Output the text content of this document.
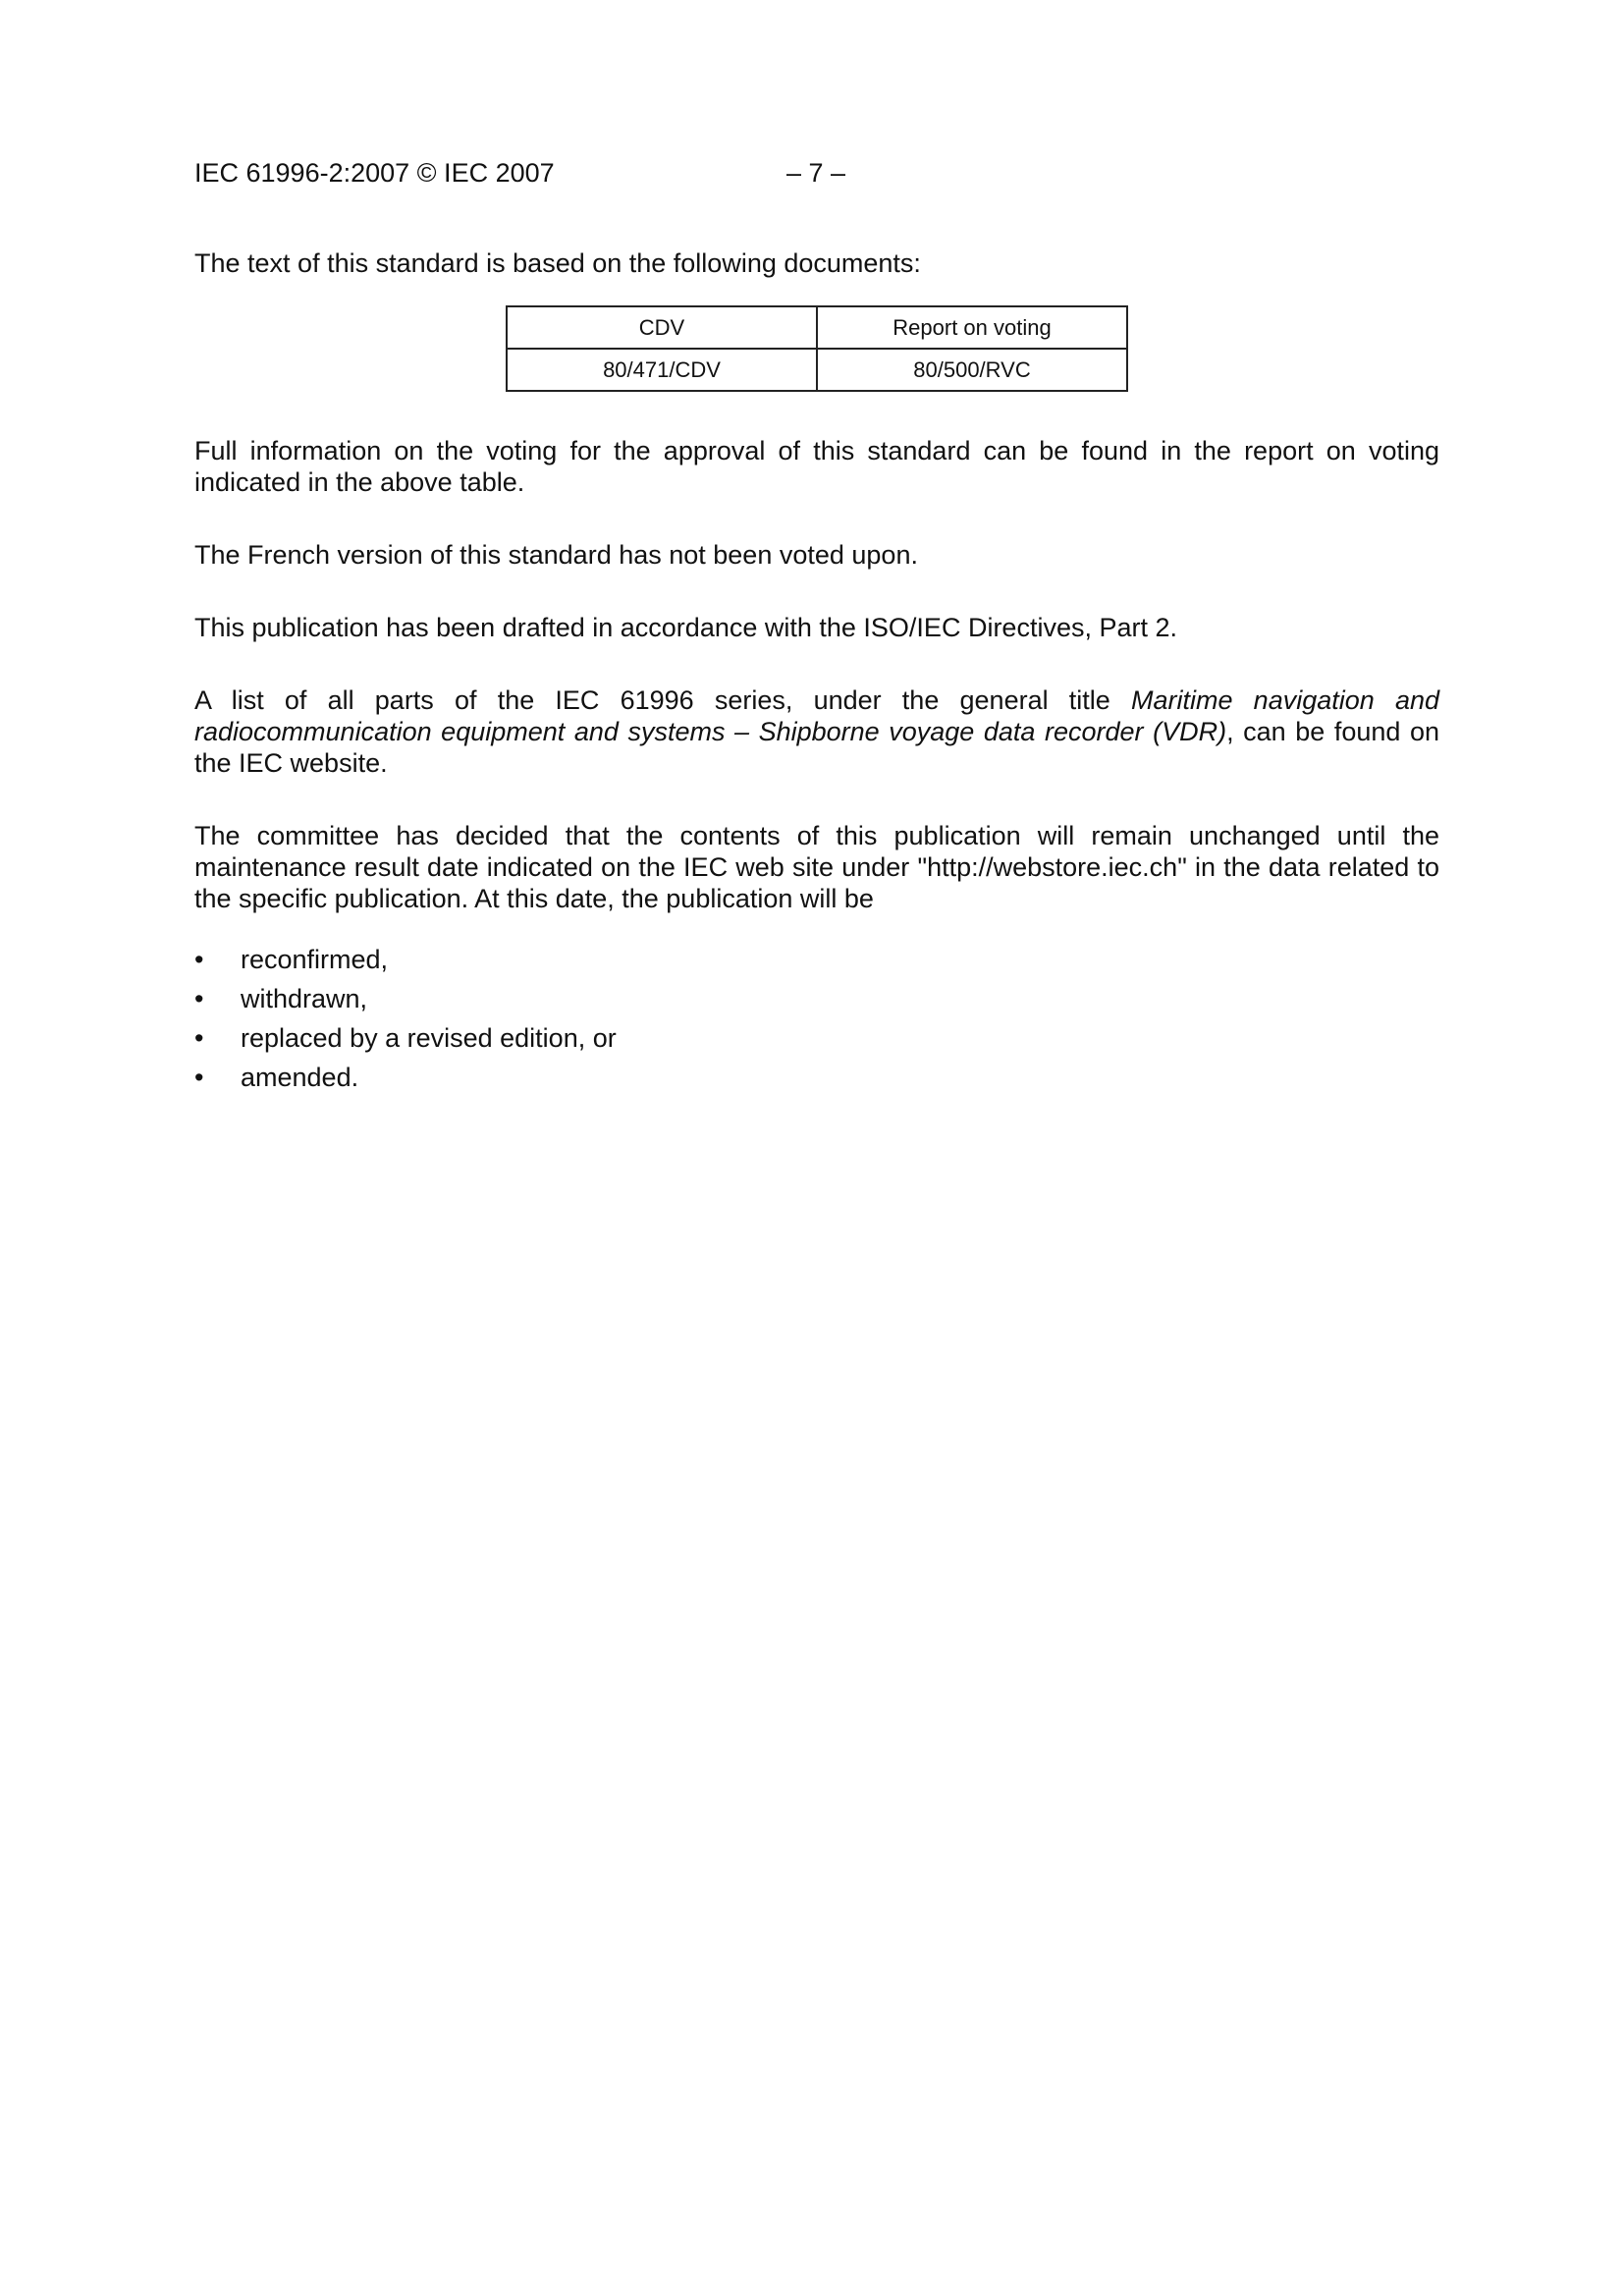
IEC 61996-2:2007 © IEC 2007	– 7 –

The text of this standard is based on the following documents:

CDV	Report on voting
80/471/CDV	80/500/RVC

Full information on the voting for the approval of this standard can be found in the report on voting indicated in the above table.

The French version of this standard has not been voted upon.

This publication has been drafted in accordance with the ISO/IEC Directives, Part 2.

A list of all parts of the IEC 61996 series, under the general title Maritime navigation and radiocommunication equipment and systems – Shipborne voyage data recorder (VDR), can be found on the IEC website.

The committee has decided that the contents of this publication will remain unchanged until the maintenance result date indicated on the IEC web site under "http://webstore.iec.ch" in the data related to the specific publication. At this date, the publication will be

• reconfirmed,
• withdrawn,
• replaced by a revised edition, or
• amended.
